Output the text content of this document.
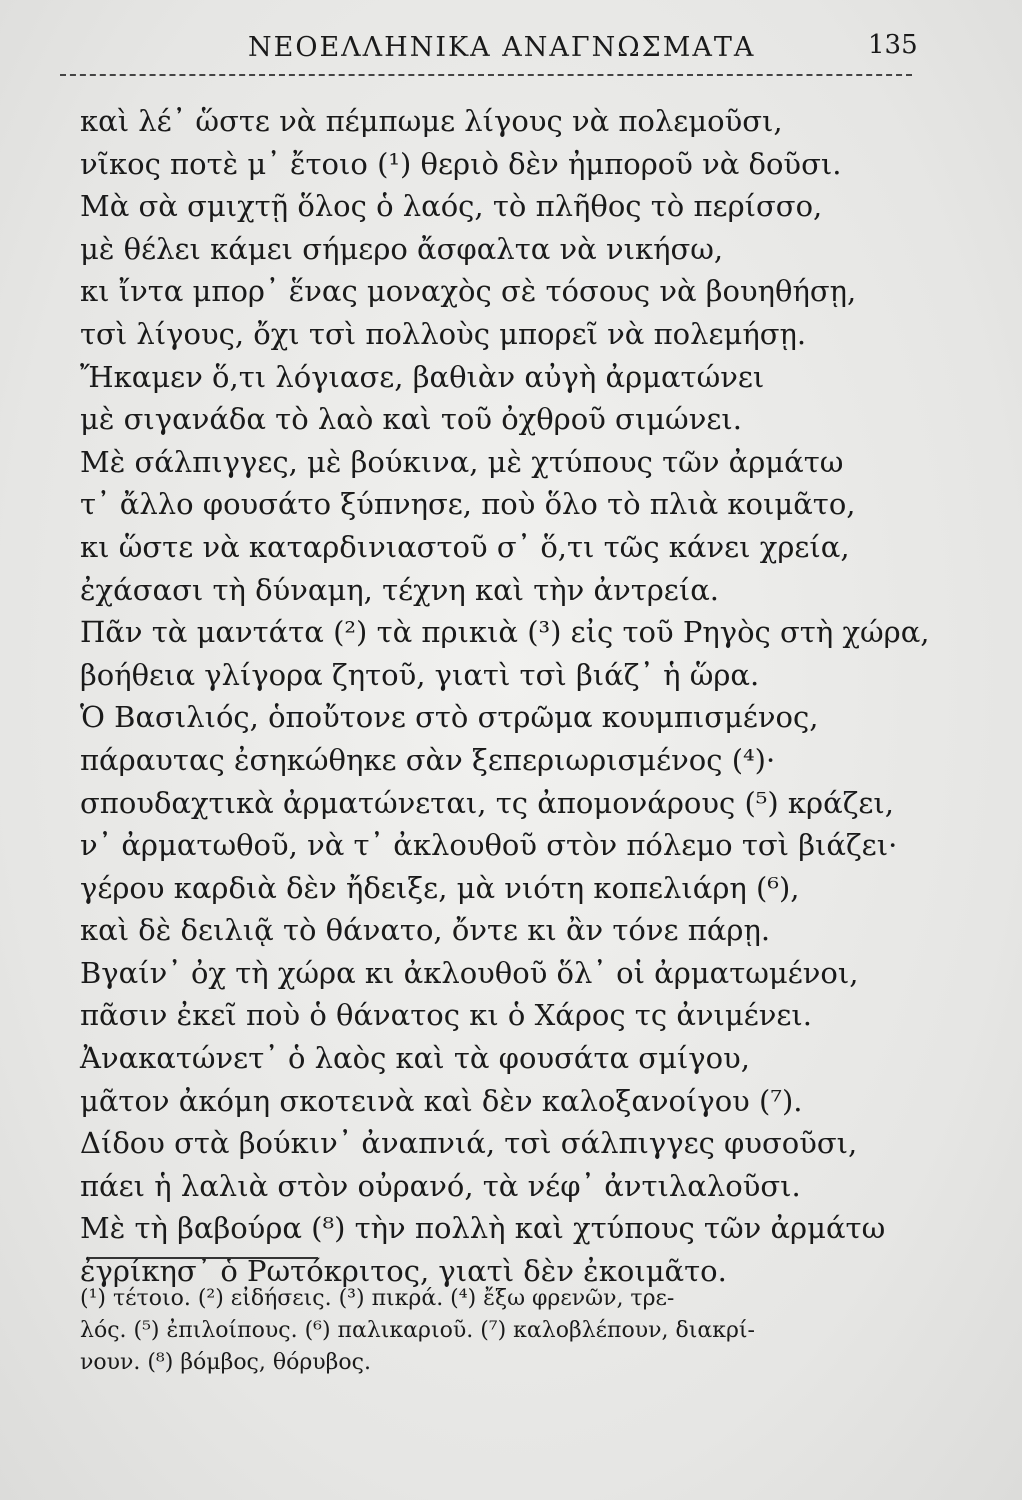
ΝΕΟΕΛΛΗΝΙΚΑ ΑΝΑΓΝΩΣΜΑΤΑ	135
καὶ λέ᾽ ὥστε νὰ πέμπωμε λίγους νὰ πολεμοῦσι,
νῖκος ποτὲ μ᾽ ἔτοιο (¹) θεριὸ δὲν ἠμποροῦ νὰ δοῦσι.
Μὰ σὰ σμιχτῇ ὅλος ὁ λαός, τὸ πλῆθος τὸ περίσσο,
μὲ θέλει κάμει σήμερο ἄσφαλτα νὰ νικήσω,
κι ἴντα μπορ᾽ ἕνας μοναχὸς σὲ τόσους νὰ βουηθήσῃ,
τσὶ λίγους, ὄχι τσὶ πολλοὺς μπορεῖ νὰ πολεμήσῃ.
Ἤκαμεν ὅ,τι λόγιασε, βαθιὰν αὐγὴ ἀρματώνει
μὲ σιγανάδα τὸ λαὸ καὶ τοῦ ὀχθροῦ σιμώνει.
Μὲ σάλπιγγες, μὲ βούκινα, μὲ χτύπους τῶν ἀρμάτω
τ᾽ ἄλλο φουσάτο ξύπνησε, ποὺ ὅλο τὸ πλιὰ κοιμᾶτο,
κι ὥστε νὰ καταρδινιαστοῦ σ᾽ ὅ,τι τῶς κάνει χρεία,
ἐχάσασι τὴ δύναμη, τέχνη καὶ τὴν ἀντρεία.
Πᾶν τὰ μαντάτα (²) τὰ πρικιὰ (³) εἰς τοῦ Ρηγὸς στὴ χώρα,
βοήθεια γλίγορα ζητοῦ, γιατὶ τσὶ βιάζ᾽ ἡ ὥρα.
Ὁ Βασιλιός, ὁποὔτονε στὸ στρῶμα κουμπισμένος,
πάραυτας ἐσηκώθηκε σὰν ξεπεριωρισμένος (⁴)·
σπουδαχτικὰ ἀρματώνεται, τς ἀπομονάρους (⁵) κράζει,
ν᾽ ἀρματωθοῦ, νὰ τ᾽ ἀκλουθοῦ στὸν πόλεμο τσὶ βιάζει·
γέρου καρδιὰ δὲν ἤδειξε, μὰ νιότη κοπελιάρη (⁶),
καὶ δὲ δειλιᾷ τὸ θάνατο, ὄντε κι ἂν τόνε πάρῃ.
Βγαίν᾽ ὀχ τὴ χώρα κι ἀκλουθοῦ ὅλ᾽ οἱ ἀρματωμένοι,
πᾶσιν ἐκεῖ ποὺ ὁ θάνατος κι ὁ Χάρος τς ἀνιμένει.
Ἀνακατώνετ᾽ ὁ λαὸς καὶ τὰ φουσάτα σμίγου,
μᾶτον ἀκόμη σκοτεινὰ καὶ δὲν καλοξανοίγου (⁷).
Δίδου στὰ βούκιν᾽ ἀναπνιά, τσὶ σάλπιγγες φυσοῦσι,
πάει ἡ λαλιὰ στὸν οὐρανό, τὰ νέφ᾽ ἀντιλαλοῦσι.
Μὲ τὴ βαβούρα (⁸) τὴν πολλὴ καὶ χτύπους τῶν ἀρμάτω
ἐγρίκησ᾽ ὁ Ρωτόκριτος, γιατὶ δὲν ἐκοιμᾶτο.
(¹) τέτοιο. (²) εἰδήσεις. (³) πικρά. (⁴) ἔξω φρενῶν, τρε-
λός. (⁵) ἐπιλοίπους. (⁶) παλικαριοῦ. (⁷) καλοβλέπουν, διακρί-
νουν. (⁸) βόμβος, θόρυβος.
